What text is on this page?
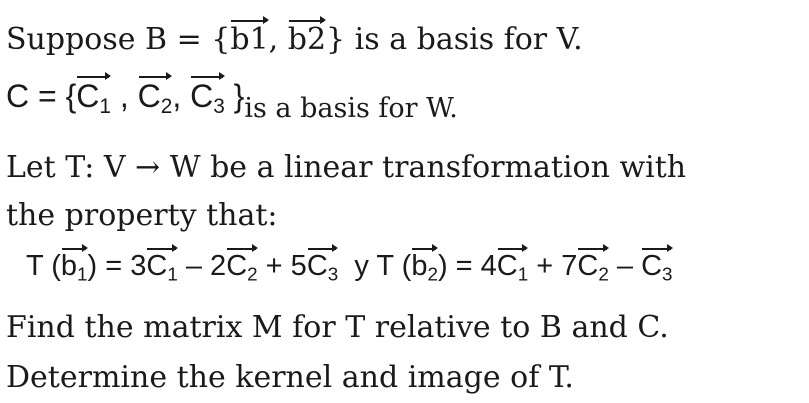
Suppose B = {b1, b2} is a basis for V.
$C = \{C_1$ , $C_2$, $C_3$ }is a basis for W.
Let T: V → W be a linear transformation with
the property that:
T $(b_1) = 3C_1 - 2C_2 + 5C_3$  y T $(b_2) = 4C_1 + 7C_2 - C_3$
Find the matrix M for T relative to B and C.
Determine the kernel and image of T.
